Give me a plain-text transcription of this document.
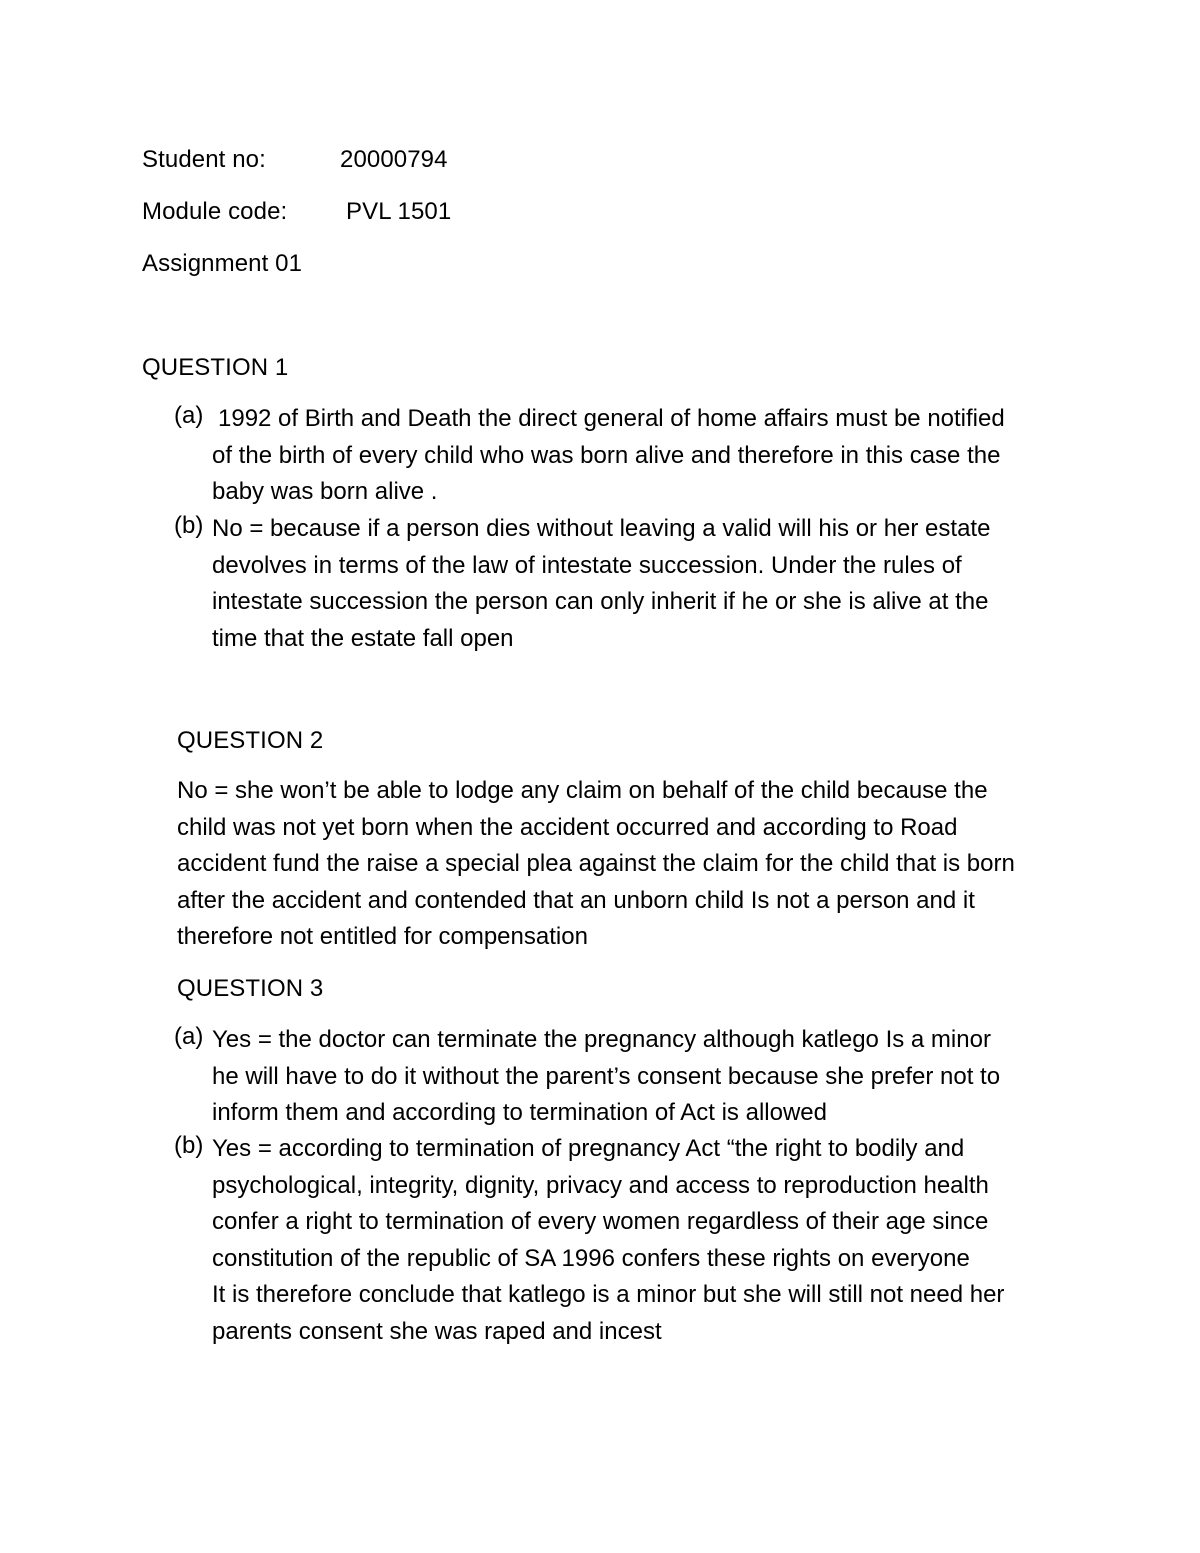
Student no:	20000794
Module code: PVL 1501
Assignment 01
QUESTION 1
(a) 1992 of Birth and Death the direct general of home affairs must be notified
of the birth of every child who was born alive and therefore in this case the
baby was born alive .
(b) No = because if a person dies without leaving a valid will his or her estate
devolves in terms of the law of intestate succession. Under the rules of
intestate succession the person can only inherit if he or she is alive at the
time that the estate fall open
QUESTION 2
No = she won’t be able to lodge any claim on behalf of the child because the
child was not yet born when the accident occurred and according to Road
accident fund the raise a special plea against the claim for the child that is born
after the accident and contended that an unborn child Is not a person and it
therefore not entitled for compensation
QUESTION 3
(a) Yes = the doctor can terminate the pregnancy although katlego Is a minor
he will have to do it without the parent’s consent because she prefer not to
inform them and according to termination of Act is allowed
(b) Yes = according to termination of pregnancy Act “the right to bodily and
psychological, integrity, dignity, privacy and access to reproduction health
confer a right to termination of every women regardless of their age since
constitution of the republic of SA 1996 confers these rights on everyone
It is therefore conclude that katlego is a minor but she will still not need her
parents consent she was raped and incest
